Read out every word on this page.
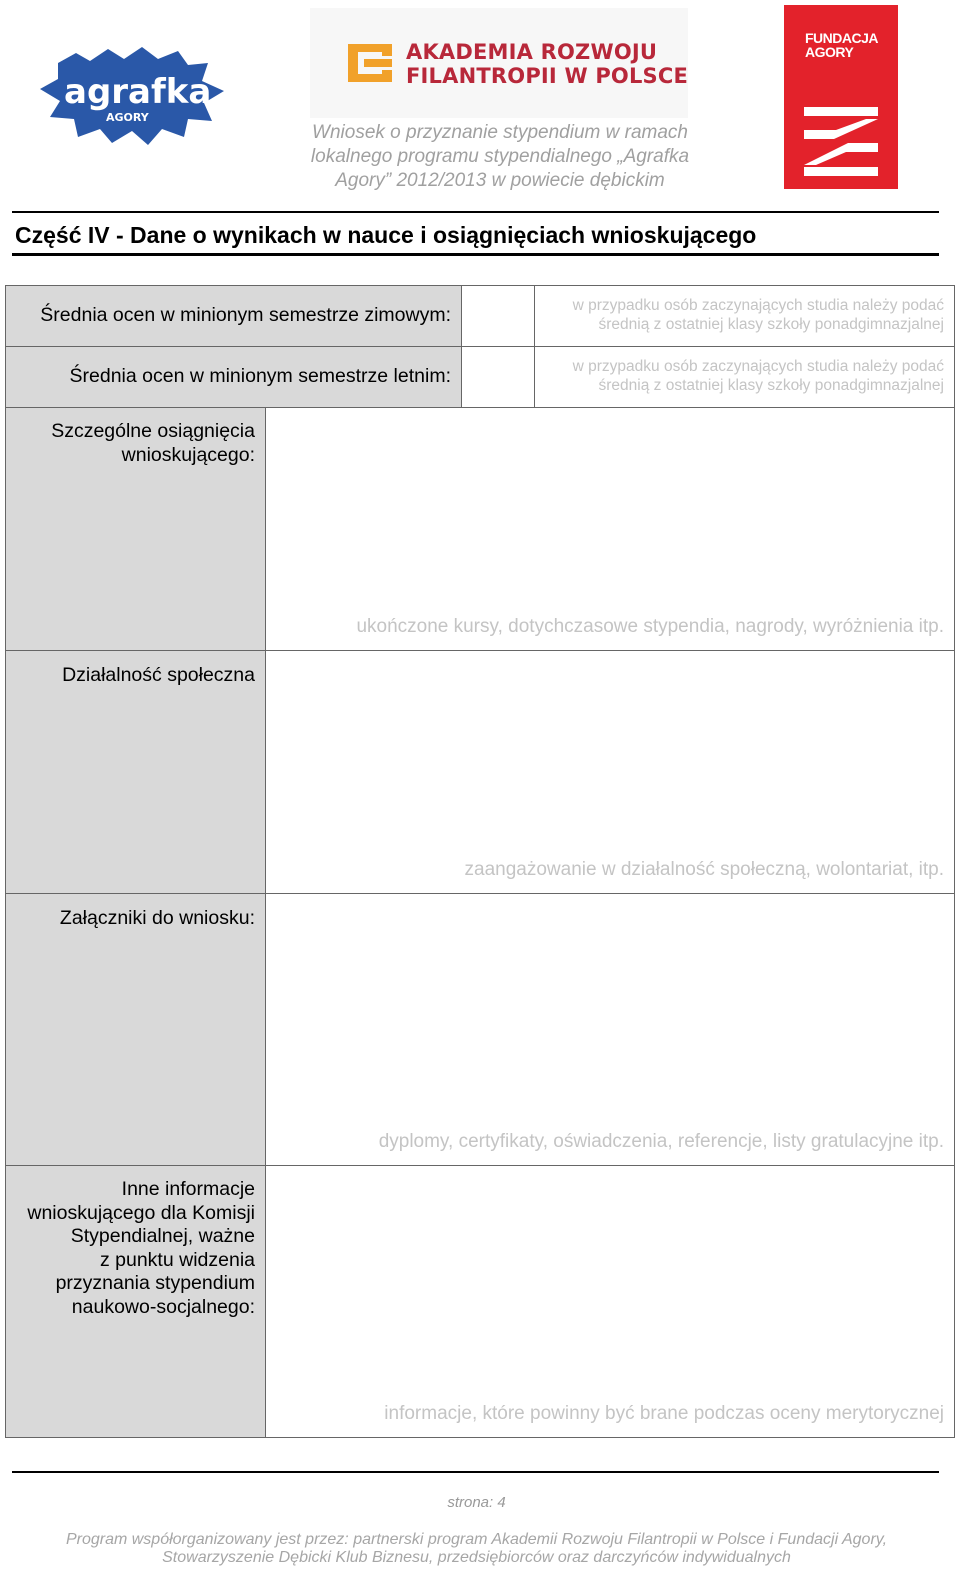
agrafka
AGORY
AKADEMIA ROZWOJU
FILANTROPII W POLSCE
FUNDACJA
AGORY
Wniosek o przyznanie stypendium w ramach
lokalnego programu stypendialnego „Agrafka
Agory” 2012/2013 w powiecie dębickim
Część IV - Dane o wynikach w nauce i osiągnięciach wnioskującego
Średnia ocen w minionym semestrze zimowym:	w przypadku osób zaczynających studia należy podać
średnią z ostatniej klasy szkoły ponadgimnazjalnej
Średnia ocen w minionym semestrze letnim:	w przypadku osób zaczynających studia należy podać
średnią z ostatniej klasy szkoły ponadgimnazjalnej
Szczególne osiągnięcia
wnioskującego:
ukończone kursy, dotychczasowe stypendia, nagrody, wyróżnienia itp.
Działalność społeczna
zaangażowanie w działalność społeczną, wolontariat, itp.
Załączniki do wniosku:
dyplomy, certyfikaty, oświadczenia, referencje, listy gratulacyjne itp.
Inne informacje
wnioskującego dla Komisji
Stypendialnej, ważne
z punktu widzenia
przyznania stypendium
naukowo-socjalnego:
informacje, które powinny być brane podczas oceny merytorycznej
strona: 4
Program współorganizowany jest przez: partnerski program Akademii Rozwoju Filantropii w Polsce i Fundacji Agory,
Stowarzyszenie Dębicki Klub Biznesu, przedsiębiorców oraz darczyńców indywidualnych
